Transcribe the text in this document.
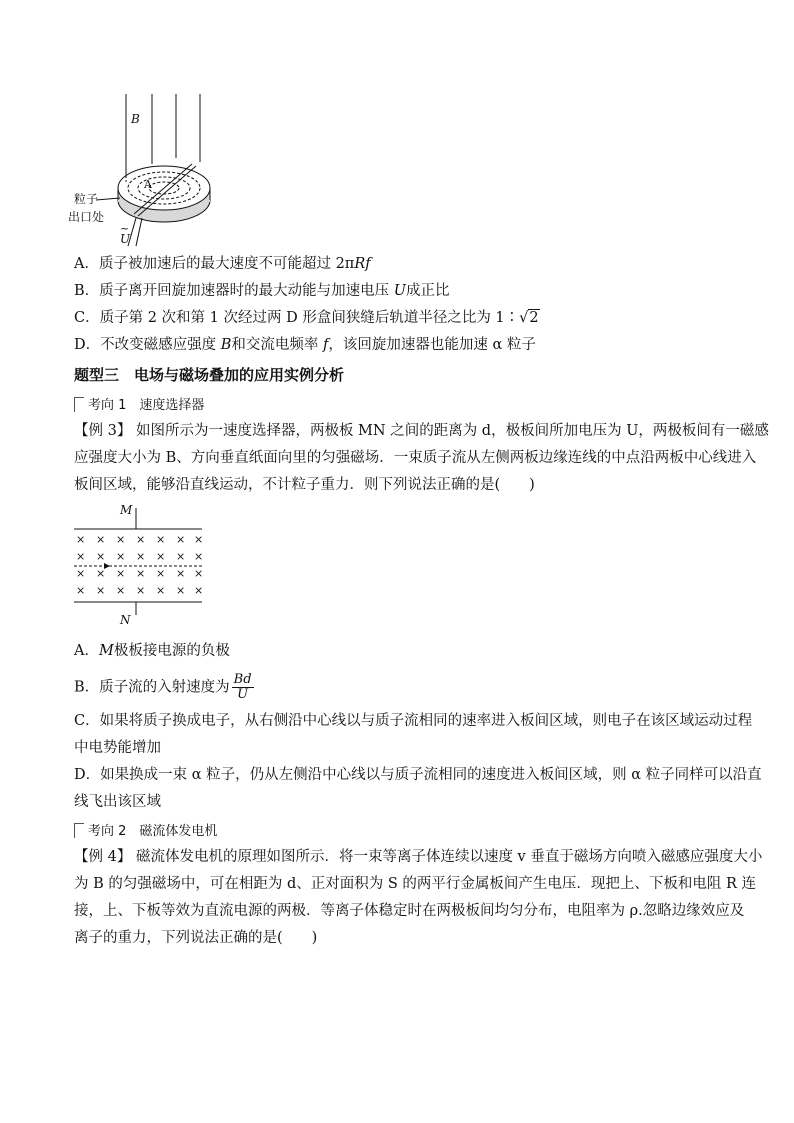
B
A
粒子
出口处
~
U
A．质子被加速后的最大速度不可能超过 2πRf
B．质子离开回旋加速器时的最大动能与加速电压 U成正比
C．质子第 2 次和第 1 次经过两 D 形盒间狭缝后轨道半径之比为 1∶√2
D．不改变磁感应强度 B和交流电频率 f，该回旋加速器也能加速 α 粒子
题型三　电场与磁场叠加的应用实例分析
考向 1　速度选择器
【例 3】 如图所示为一速度选择器，两极板 MN 之间的距离为 d，极板间所加电压为 U，两极板间有一磁感
应强度大小为 B、方向垂直纸面向里的匀强磁场．一束质子流从左侧两板边缘连线的中点沿两板中心线进入
板间区域，能够沿直线运动，不计粒子重力．则下列说法正确的是(　　)
M
N
× × × × × × ×
× × × × × × ×
× × × × × × ×
× × × × × × ×
A．M极板接电源的负极
B．质子流的入射速度为 $\frac{Bd}{U}$
C．如果将质子换成电子，从右侧沿中心线以与质子流相同的速率进入板间区域，则电子在该区域运动过程
中电势能增加
D．如果换成一束 α 粒子，仍从左侧沿中心线以与质子流相同的速度进入板间区域，则 α 粒子同样可以沿直
线飞出该区域
考向 2　磁流体发电机
【例 4】 磁流体发电机的原理如图所示．将一束等离子体连续以速度 v 垂直于磁场方向喷入磁感应强度大小
为 B 的匀强磁场中，可在相距为 d、正对面积为 S 的两平行金属板间产生电压．现把上、下板和电阻 R 连
接，上、下板等效为直流电源的两极．等离子体稳定时在两极板间均匀分布，电阻率为 ρ.忽略边缘效应及
离子的重力，下列说法正确的是(　　)
